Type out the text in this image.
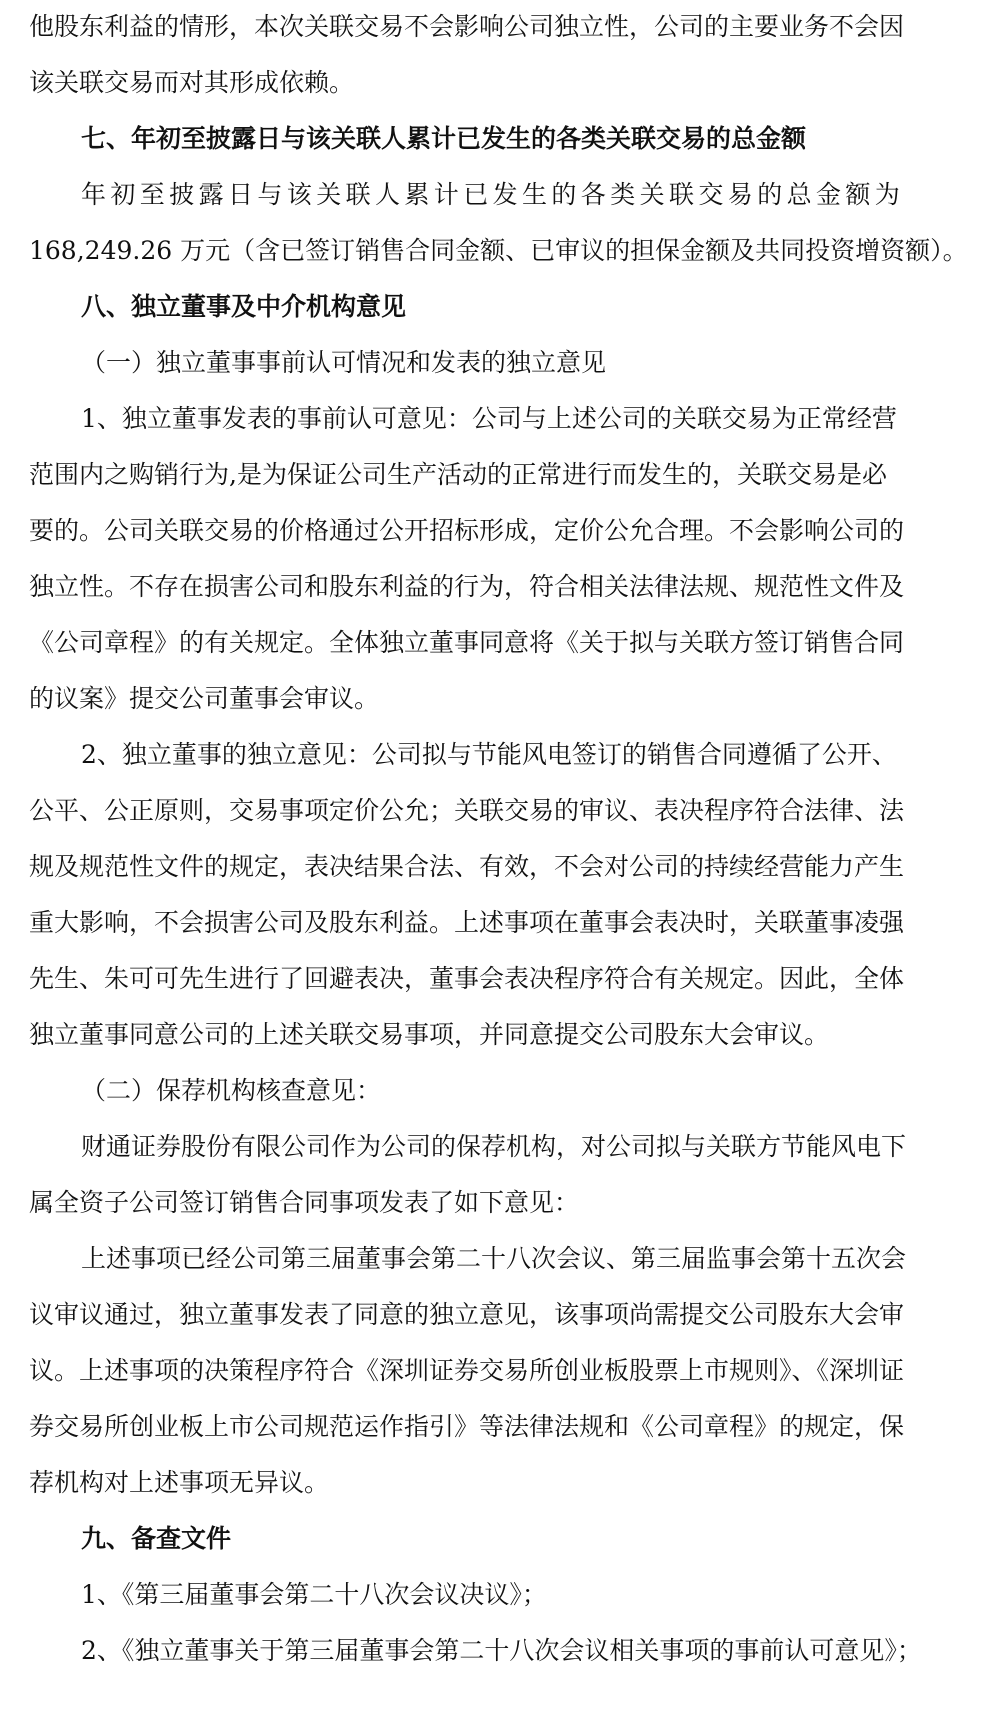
他股东利益的情形，本次关联交易不会影响公司独立性，公司的主要业务不会因

该关联交易而对其形成依赖。

七、年初至披露日与该关联人累计已发生的各类关联交易的总金额

年初至披露日与该关联人累计已发生的各类关联交易的总金额为

168,249.26 万元（含已签订销售合同金额、已审议的担保金额及共同投资增资额）。

八、独立董事及中介机构意见

（一）独立董事事前认可情况和发表的独立意见

1、独立董事发表的事前认可意见：公司与上述公司的关联交易为正常经营

范围内之购销行为,是为保证公司生产活动的正常进行而发生的，关联交易是必

要的。公司关联交易的价格通过公开招标形成，定价公允合理。不会影响公司的

独立性。不存在损害公司和股东利益的行为，符合相关法律法规、规范性文件及

《公司章程》的有关规定。全体独立董事同意将《关于拟与关联方签订销售合同

的议案》提交公司董事会审议。

2、独立董事的独立意见：公司拟与节能风电签订的销售合同遵循了公开、

公平、公正原则，交易事项定价公允；关联交易的审议、表决程序符合法律、法

规及规范性文件的规定，表决结果合法、有效，不会对公司的持续经营能力产生

重大影响，不会损害公司及股东利益。上述事项在董事会表决时，关联董事凌强

先生、朱可可先生进行了回避表决，董事会表决程序符合有关规定。因此，全体

独立董事同意公司的上述关联交易事项，并同意提交公司股东大会审议。

（二）保荐机构核查意见：

财通证券股份有限公司作为公司的保荐机构，对公司拟与关联方节能风电下

属全资子公司签订销售合同事项发表了如下意见：

上述事项已经公司第三届董事会第二十八次会议、第三届监事会第十五次会

议审议通过，独立董事发表了同意的独立意见，该事项尚需提交公司股东大会审

议。上述事项的决策程序符合《深圳证券交易所创业板股票上市规则》、《深圳证

券交易所创业板上市公司规范运作指引》等法律法规和《公司章程》的规定，保

荐机构对上述事项无异议。

九、备查文件

1、《第三届董事会第二十八次会议决议》；

2、《独立董事关于第三届董事会第二十八次会议相关事项的事前认可意见》；
